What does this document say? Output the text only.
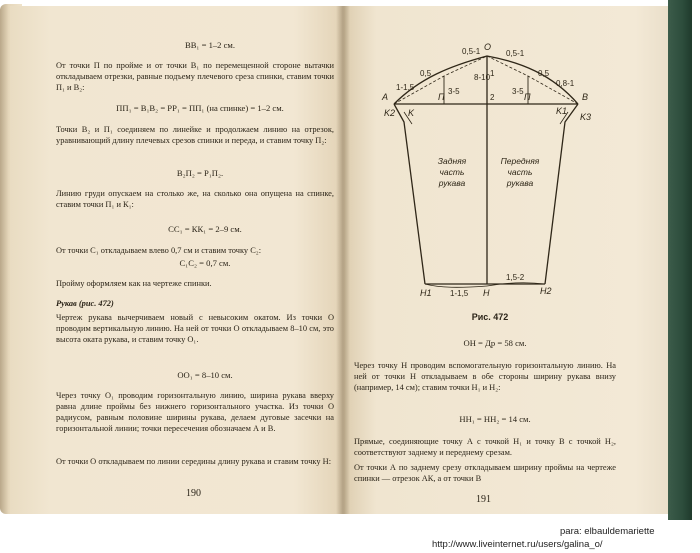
BB₁ = 1–2 см.

От точки П по пройме и от точки В₁ по перемещенной стороне вытачки откладываем отрезки, равные подъему плечевого среза спинки, ставим точки П₁ и В₂:

ПП₁ = В₁В₂ = РР₁ = ПП₁ (на спинке) = 1–2 см.

Точки В₂ и П₁ соединяем по линейке и продолжаем линию на отрезок, уравнивающий длину плечевых срезов спинки и переда, и ставим точку П₂:

В₂П₂ = Р₁П₂.

Линию груди опускаем на столько же, на сколько она опущена на спинке, ставим точки П₁ и К₁:

CC₁ = КК₁ = 2–9 см.

От точки С₁ откладываем влево 0,7 см и ставим точку С₂:

С₁С₂ = 0,7 см.

Пройму оформляем как на чертеже спинки.

Рукав (рис. 472)

Чертеж рукава вычерчиваем новый с невысоким окатом. Из точки О проводим вертикальную линию. На ней от точки О откладываем 8–10 см, это высота оката рукава, и ставим точку О₁.

OO₁ = 8–10 см.

Через точку О₁ проводим горизонтальную линию, ширина рукава вверху равна длине проймы без нижнего горизонтального участка. Из точки О радиусом, равным половине ширины рукава, делаем дуговые засечки на горизонтальной линии; точки пересечения обозначаем А и В.

От точки О откладываем по линии середины длину рукава и ставим точку Н:

190
O
A	B
K
K2	K3
K1
П	П
H
H1	H2
0,5-1	0,5-1
0,5	0,5
0,8-1
3-5	3-5
8-10 1
2
1-1,5
1-1,5
1,5-2
Задняя
часть
рукава
Передняя
часть
рукава
Рис. 472

OH = Др = 58 см.

Через точку Н проводим вспомогательную горизонтальную линию. На ней от точки Н откладываем в обе стороны ширину рукава внизу (например, 14 см); ставим точки Н₁ и Н₂:

НН₁ = НН₂ = 14 см.

Прямые, соединяющие точку А с точкой Н₁ и точку В с точкой Н₂, соответствуют заднему и переднему срезам.

От точки А по заднему срезу откладываем ширину проймы на чертеже спинки — отрезок АК, а от точки В

191
para: elbauldemariette
http://www.liveinternet.ru/users/galina_o/
